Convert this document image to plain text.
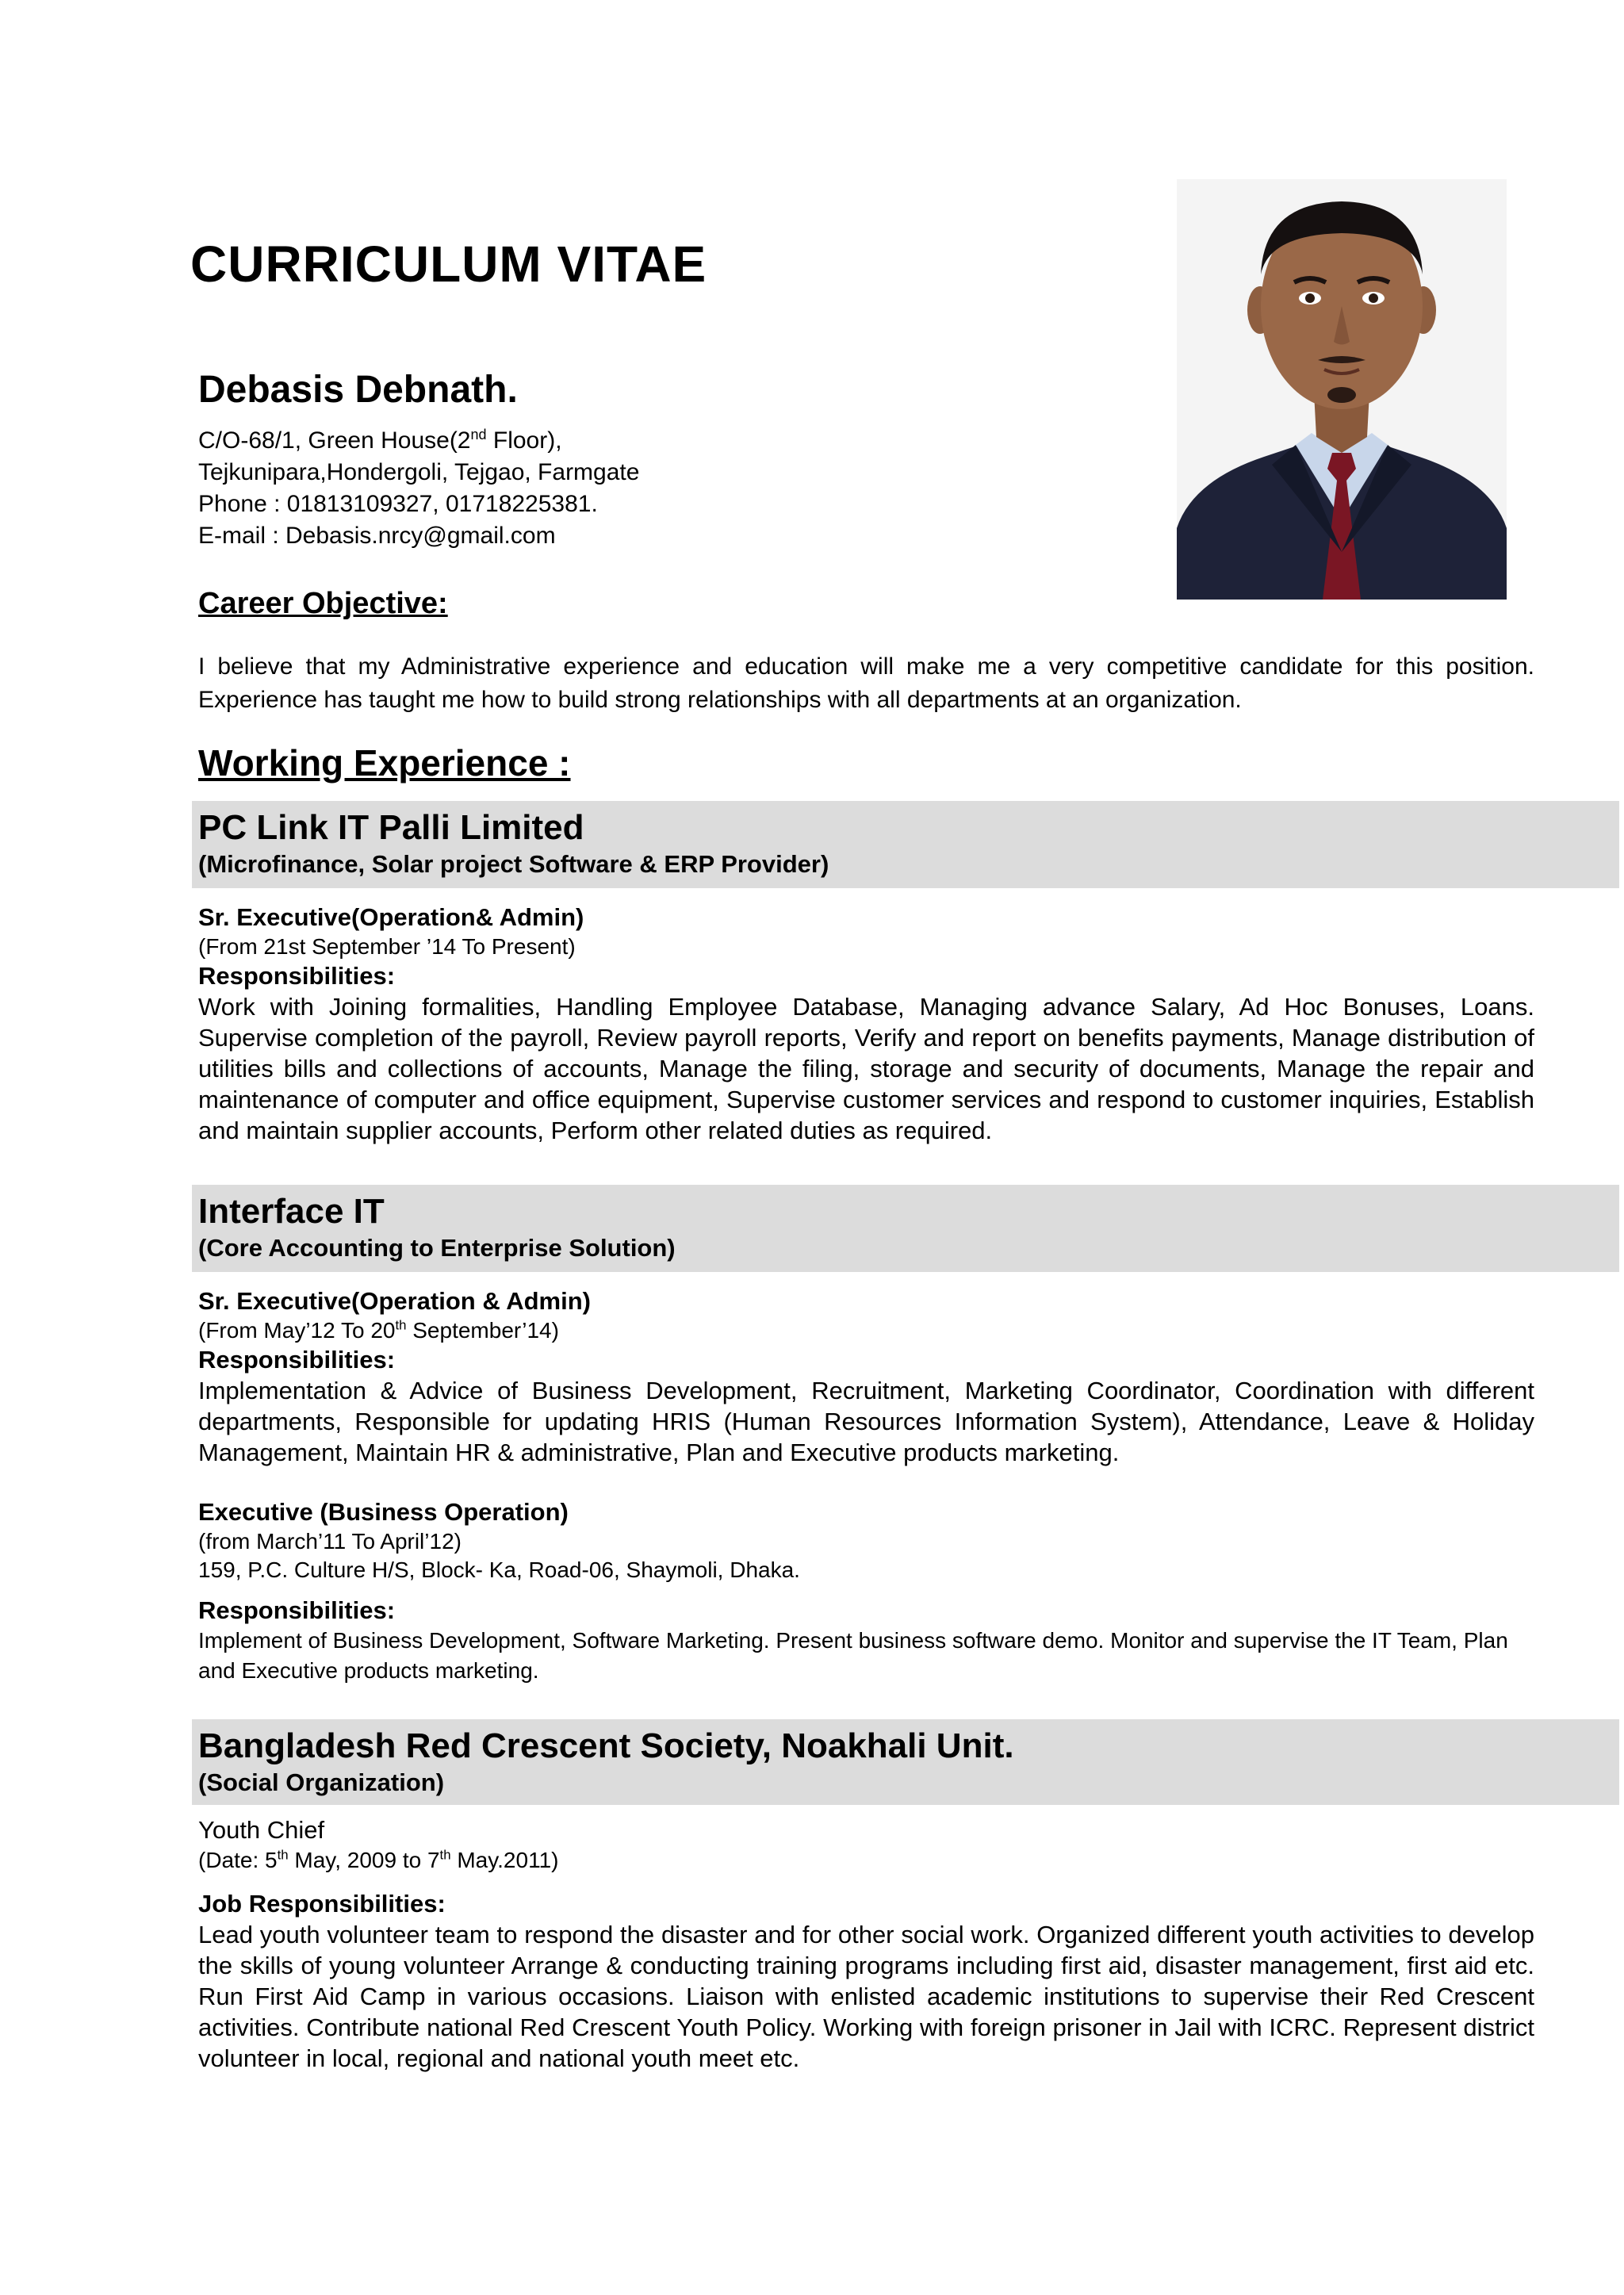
CURRICULUM VITAE
Debasis Debnath.
C/O-68/1, Green House(2nd Floor),
Tejkunipara,Hondergoli, Tejgao, Farmgate
Phone : 01813109327, 01718225381.
E-mail : Debasis.nrcy@gmail.com
Career Objective:
I believe that my Administrative experience and education will make me a very competitive candidate for this position. Experience has taught me how to build strong relationships with all departments at an organization.
Working Experience :
PC Link IT Palli Limited
(Microfinance, Solar project Software & ERP Provider)
Sr. Executive(Operation& Admin)
(From 21st September ’14 To Present)
Responsibilities:
Work with Joining formalities, Handling Employee Database, Managing advance Salary, Ad Hoc Bonuses, Loans. Supervise completion of the payroll, Review payroll reports, Verify and report on benefits payments, Manage distribution of utilities bills and collections of accounts, Manage the filing, storage and security of documents, Manage the repair and maintenance of computer and office equipment, Supervise customer services and respond to customer inquiries, Establish and maintain supplier accounts, Perform other related duties as required.
Interface IT
(Core Accounting to Enterprise Solution)
Sr. Executive(Operation & Admin)
(From May’12 To 20th September’14)
Responsibilities:
Implementation & Advice of Business Development, Recruitment, Marketing Coordinator, Coordination with different departments, Responsible for updating HRIS (Human Resources Information System), Attendance, Leave & Holiday Management, Maintain HR & administrative, Plan and Executive products marketing.
Executive (Business Operation)
(from March’11 To April’12)
159, P.C. Culture H/S, Block- Ka, Road-06, Shaymoli, Dhaka.
Responsibilities:
Implement of Business Development, Software Marketing. Present business software demo. Monitor and supervise the IT Team, Plan and Executive products marketing.
Bangladesh Red Crescent Society, Noakhali Unit.
(Social Organization)
Youth Chief
(Date: 5th May, 2009 to 7th May.2011)
Job Responsibilities:
Lead youth volunteer team to respond the disaster and for other social work. Organized different youth activities to develop the skills of young volunteer Arrange & conducting training programs including first aid, disaster management, first aid etc. Run First Aid Camp in various occasions. Liaison with enlisted academic institutions to supervise their Red Crescent activities. Contribute national Red Crescent Youth Policy. Working with foreign prisoner in Jail with ICRC. Represent district volunteer in local, regional and national youth meet etc.
